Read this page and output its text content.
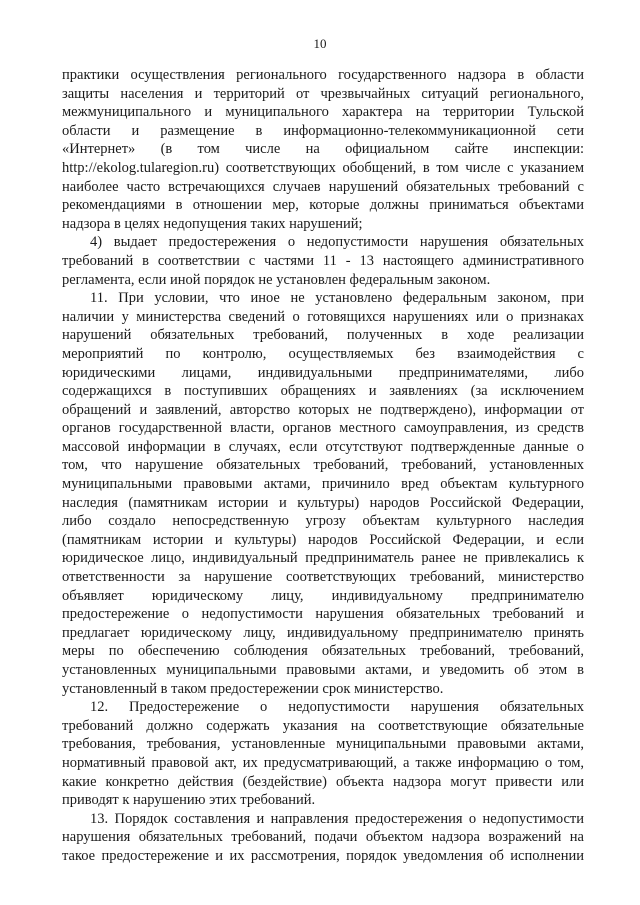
10
практики осуществления регионального государственного надзора в области
защиты населения и территорий от чрезвычайных ситуаций регионального,
межмуниципального и муниципального характера на территории Тульской
области и размещение в информационно-телекоммуникационной сети
«Интернет» (в том числе на официальном сайте инспекции:
http://ekolog.tularegion.ru) соответствующих обобщений, в том числе с указанием
наиболее часто встречающихся случаев нарушений обязательных требований с
рекомендациями в отношении мер, которые должны приниматься объектами
надзора в целях недопущения таких нарушений;
4) выдает предостережения о недопустимости нарушения обязательных
требований в соответствии с частями 11 - 13 настоящего административного
регламента, если иной порядок не установлен федеральным законом.
11. При условии, что иное не установлено федеральным законом, при
наличии у министерства сведений о готовящихся нарушениях или о признаках
нарушений обязательных требований, полученных в ходе реализации
мероприятий по контролю, осуществляемых без взаимодействия с
юридическими лицами, индивидуальными предпринимателями, либо
содержащихся в поступивших обращениях и заявлениях (за исключением
обращений и заявлений, авторство которых не подтверждено), информации от
органов государственной власти, органов местного самоуправления, из средств
массовой информации в случаях, если отсутствуют подтвержденные данные о
том, что нарушение обязательных требований, требований, установленных
муниципальными правовыми актами, причинило вред объектам культурного
наследия (памятникам истории и культуры) народов Российской Федерации,
либо создало непосредственную угрозу объектам культурного наследия
(памятникам истории и культуры) народов Российской Федерации, и если
юридическое лицо, индивидуальный предприниматель ранее не привлекались к
ответственности за нарушение соответствующих требований, министерство
объявляет юридическому лицу, индивидуальному предпринимателю
предостережение о недопустимости нарушения обязательных требований и
предлагает юридическому лицу, индивидуальному предпринимателю принять
меры по обеспечению соблюдения обязательных требований, требований,
установленных муниципальными правовыми актами, и уведомить об этом в
установленный в таком предостережении срок министерство.
12. Предостережение о недопустимости нарушения обязательных
требований должно содержать указания на соответствующие обязательные
требования, требования, установленные муниципальными правовыми актами,
нормативный правовой акт, их предусматривающий, а также информацию о том,
какие конкретно действия (бездействие) объекта надзора могут привести или
приводят к нарушению этих требований.
13. Порядок составления и направления предостережения о недопустимости
нарушения обязательных требований, подачи объектом надзора возражений на
такое предостережение и их рассмотрения, порядок уведомления об исполнении
